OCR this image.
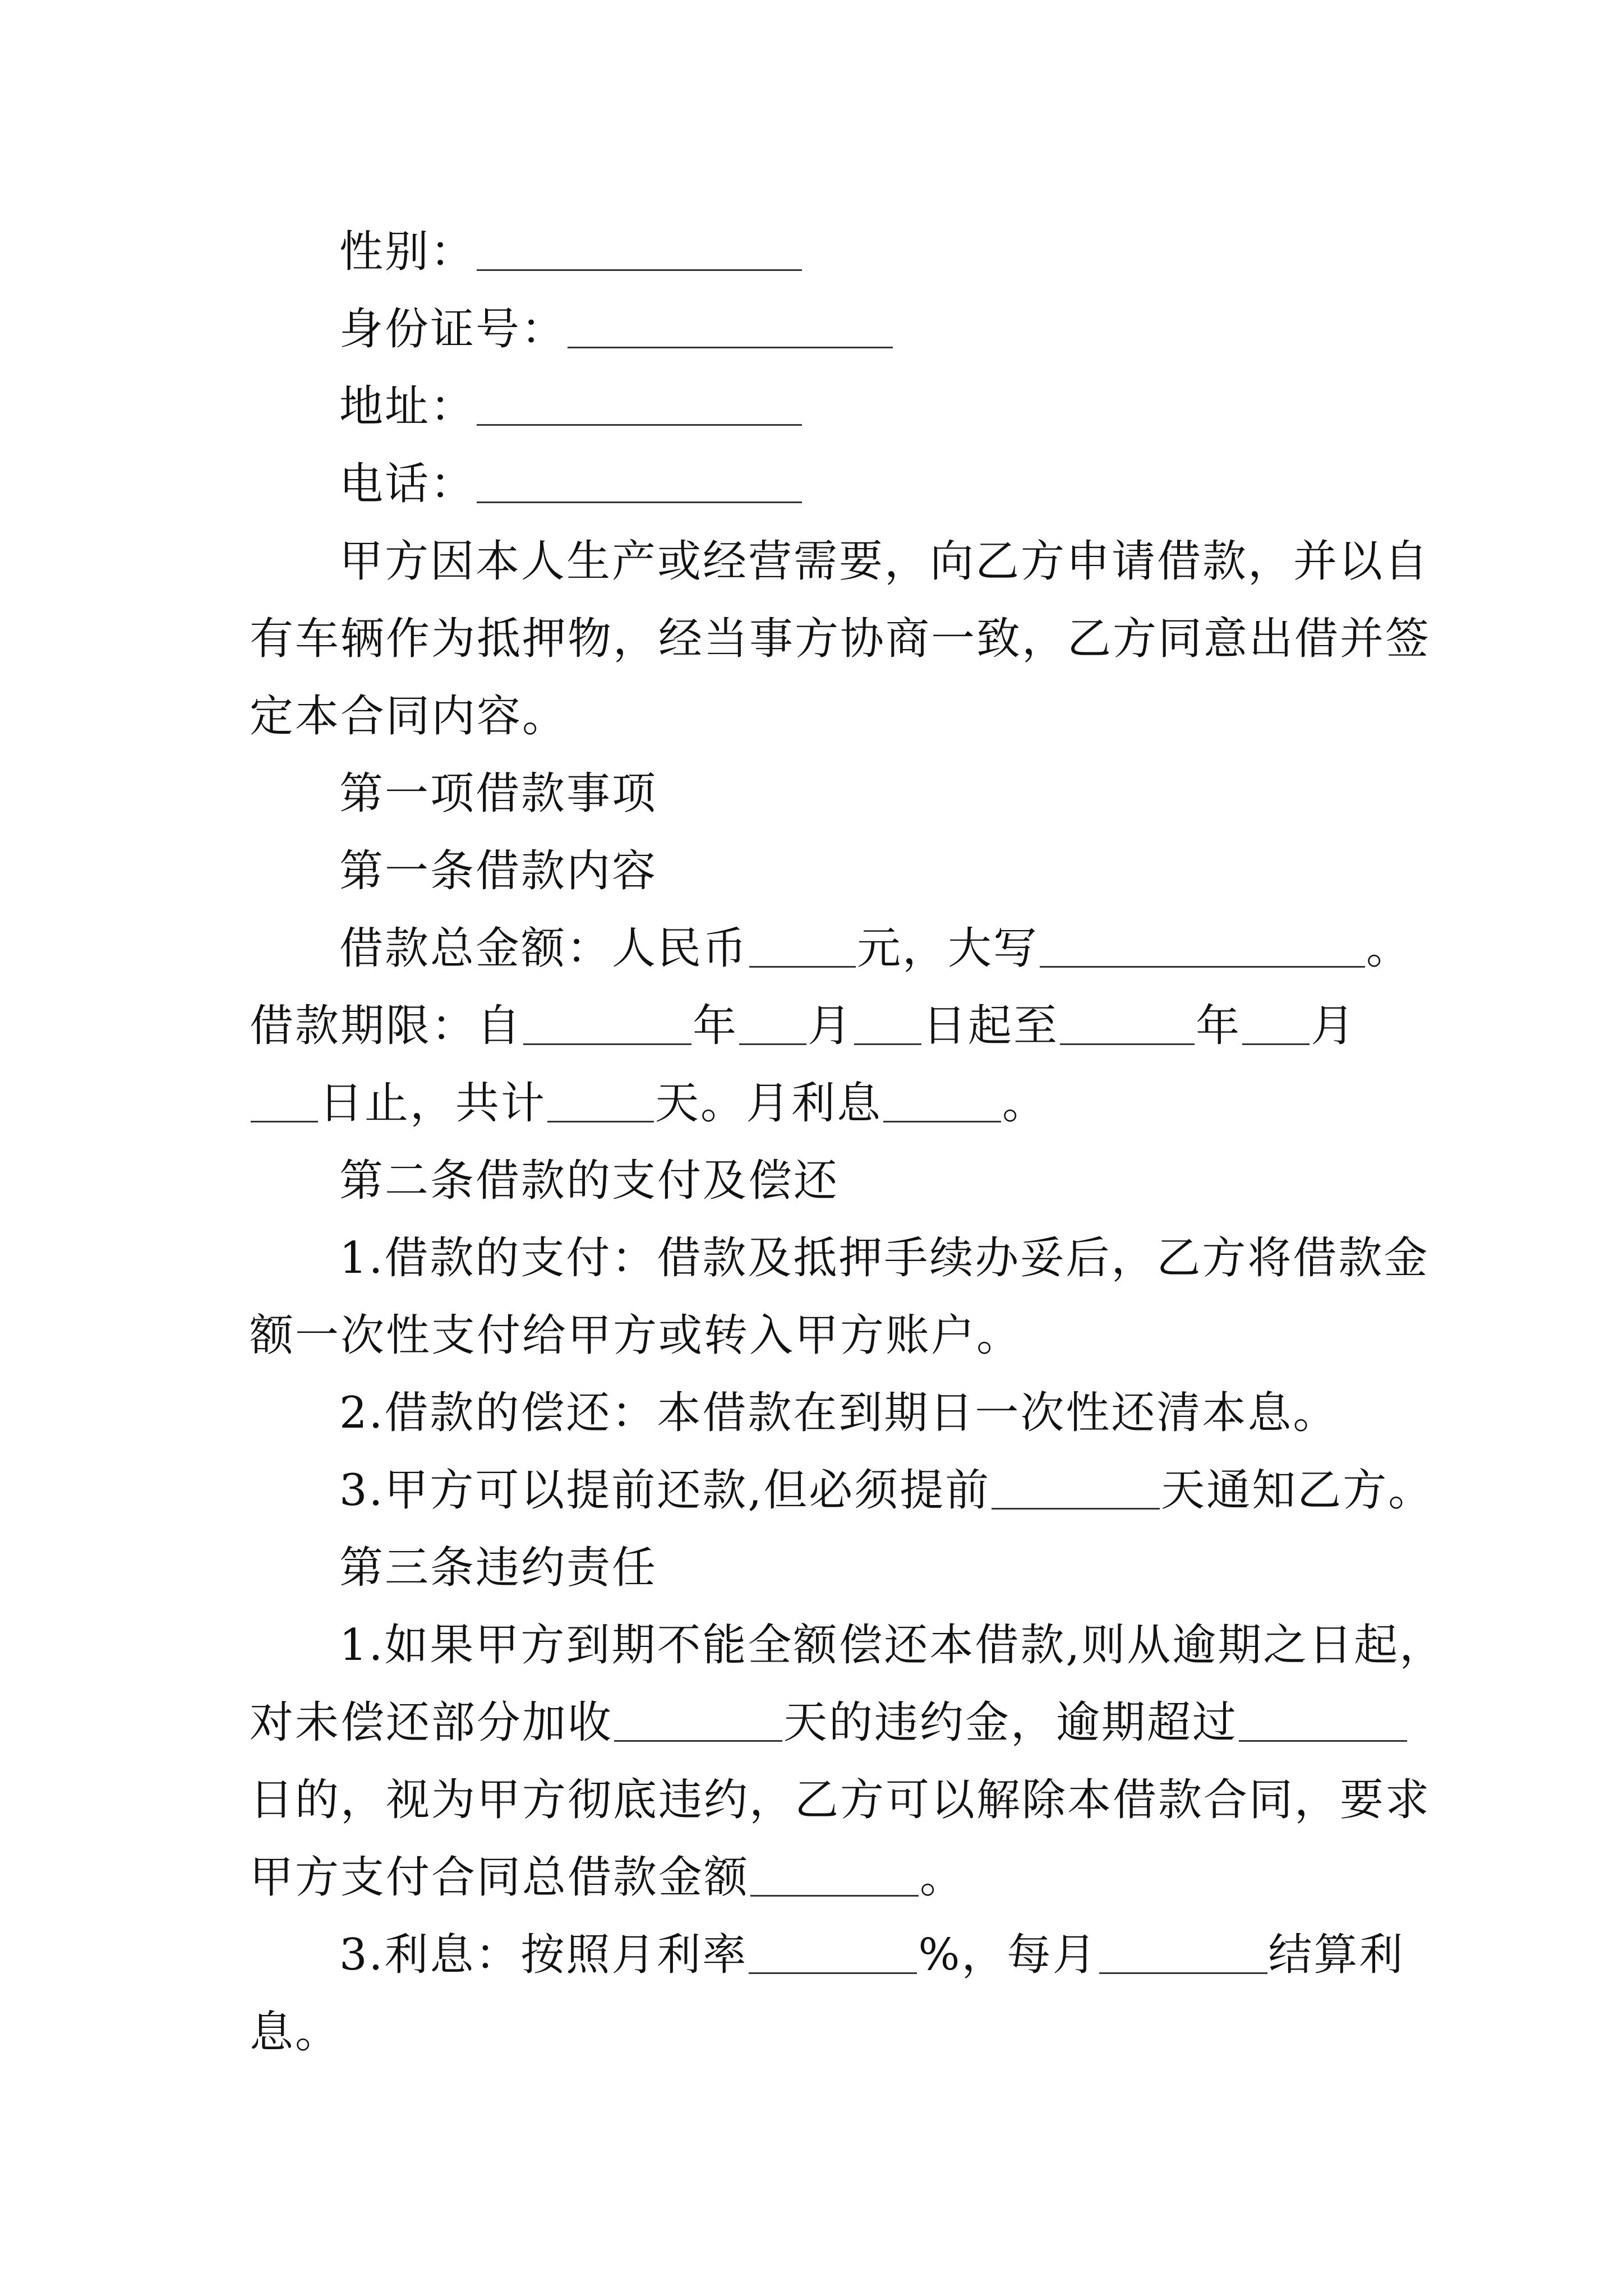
性别：
身份证号：
地址：
电话：
甲方因本人生产或经营需要，向乙方申请借款，并以自
有车辆作为抵押物，经当事方协商一致，乙方同意出借并签
定本合同内容。
第一项借款事项
第一条借款内容
借款总金额：人民币 元，大写	。
借款期限：自	年 月 日起至	年 月
日止，共计 天。月利息	。
第二条借款的支付及偿还
1.借款的支付：借款及抵押手续办妥后，乙方将借款金
额一次性支付给甲方或转入甲方账户。
2.借款的偿还：本借款在到期日一次性还清本息。
3.甲方可以提前还款,但必须提前	天通知乙方。
第三条违约责任
1.如果甲方到期不能全额偿还本借款,则从逾期之日起，
对未偿还部分加收	天的违约金，逾期超过
日的，视为甲方彻底违约，乙方可以解除本借款合同，要求
甲方支付合同总借款金额	。
3.利息：按照月利率	%，每月	结算利
息。
